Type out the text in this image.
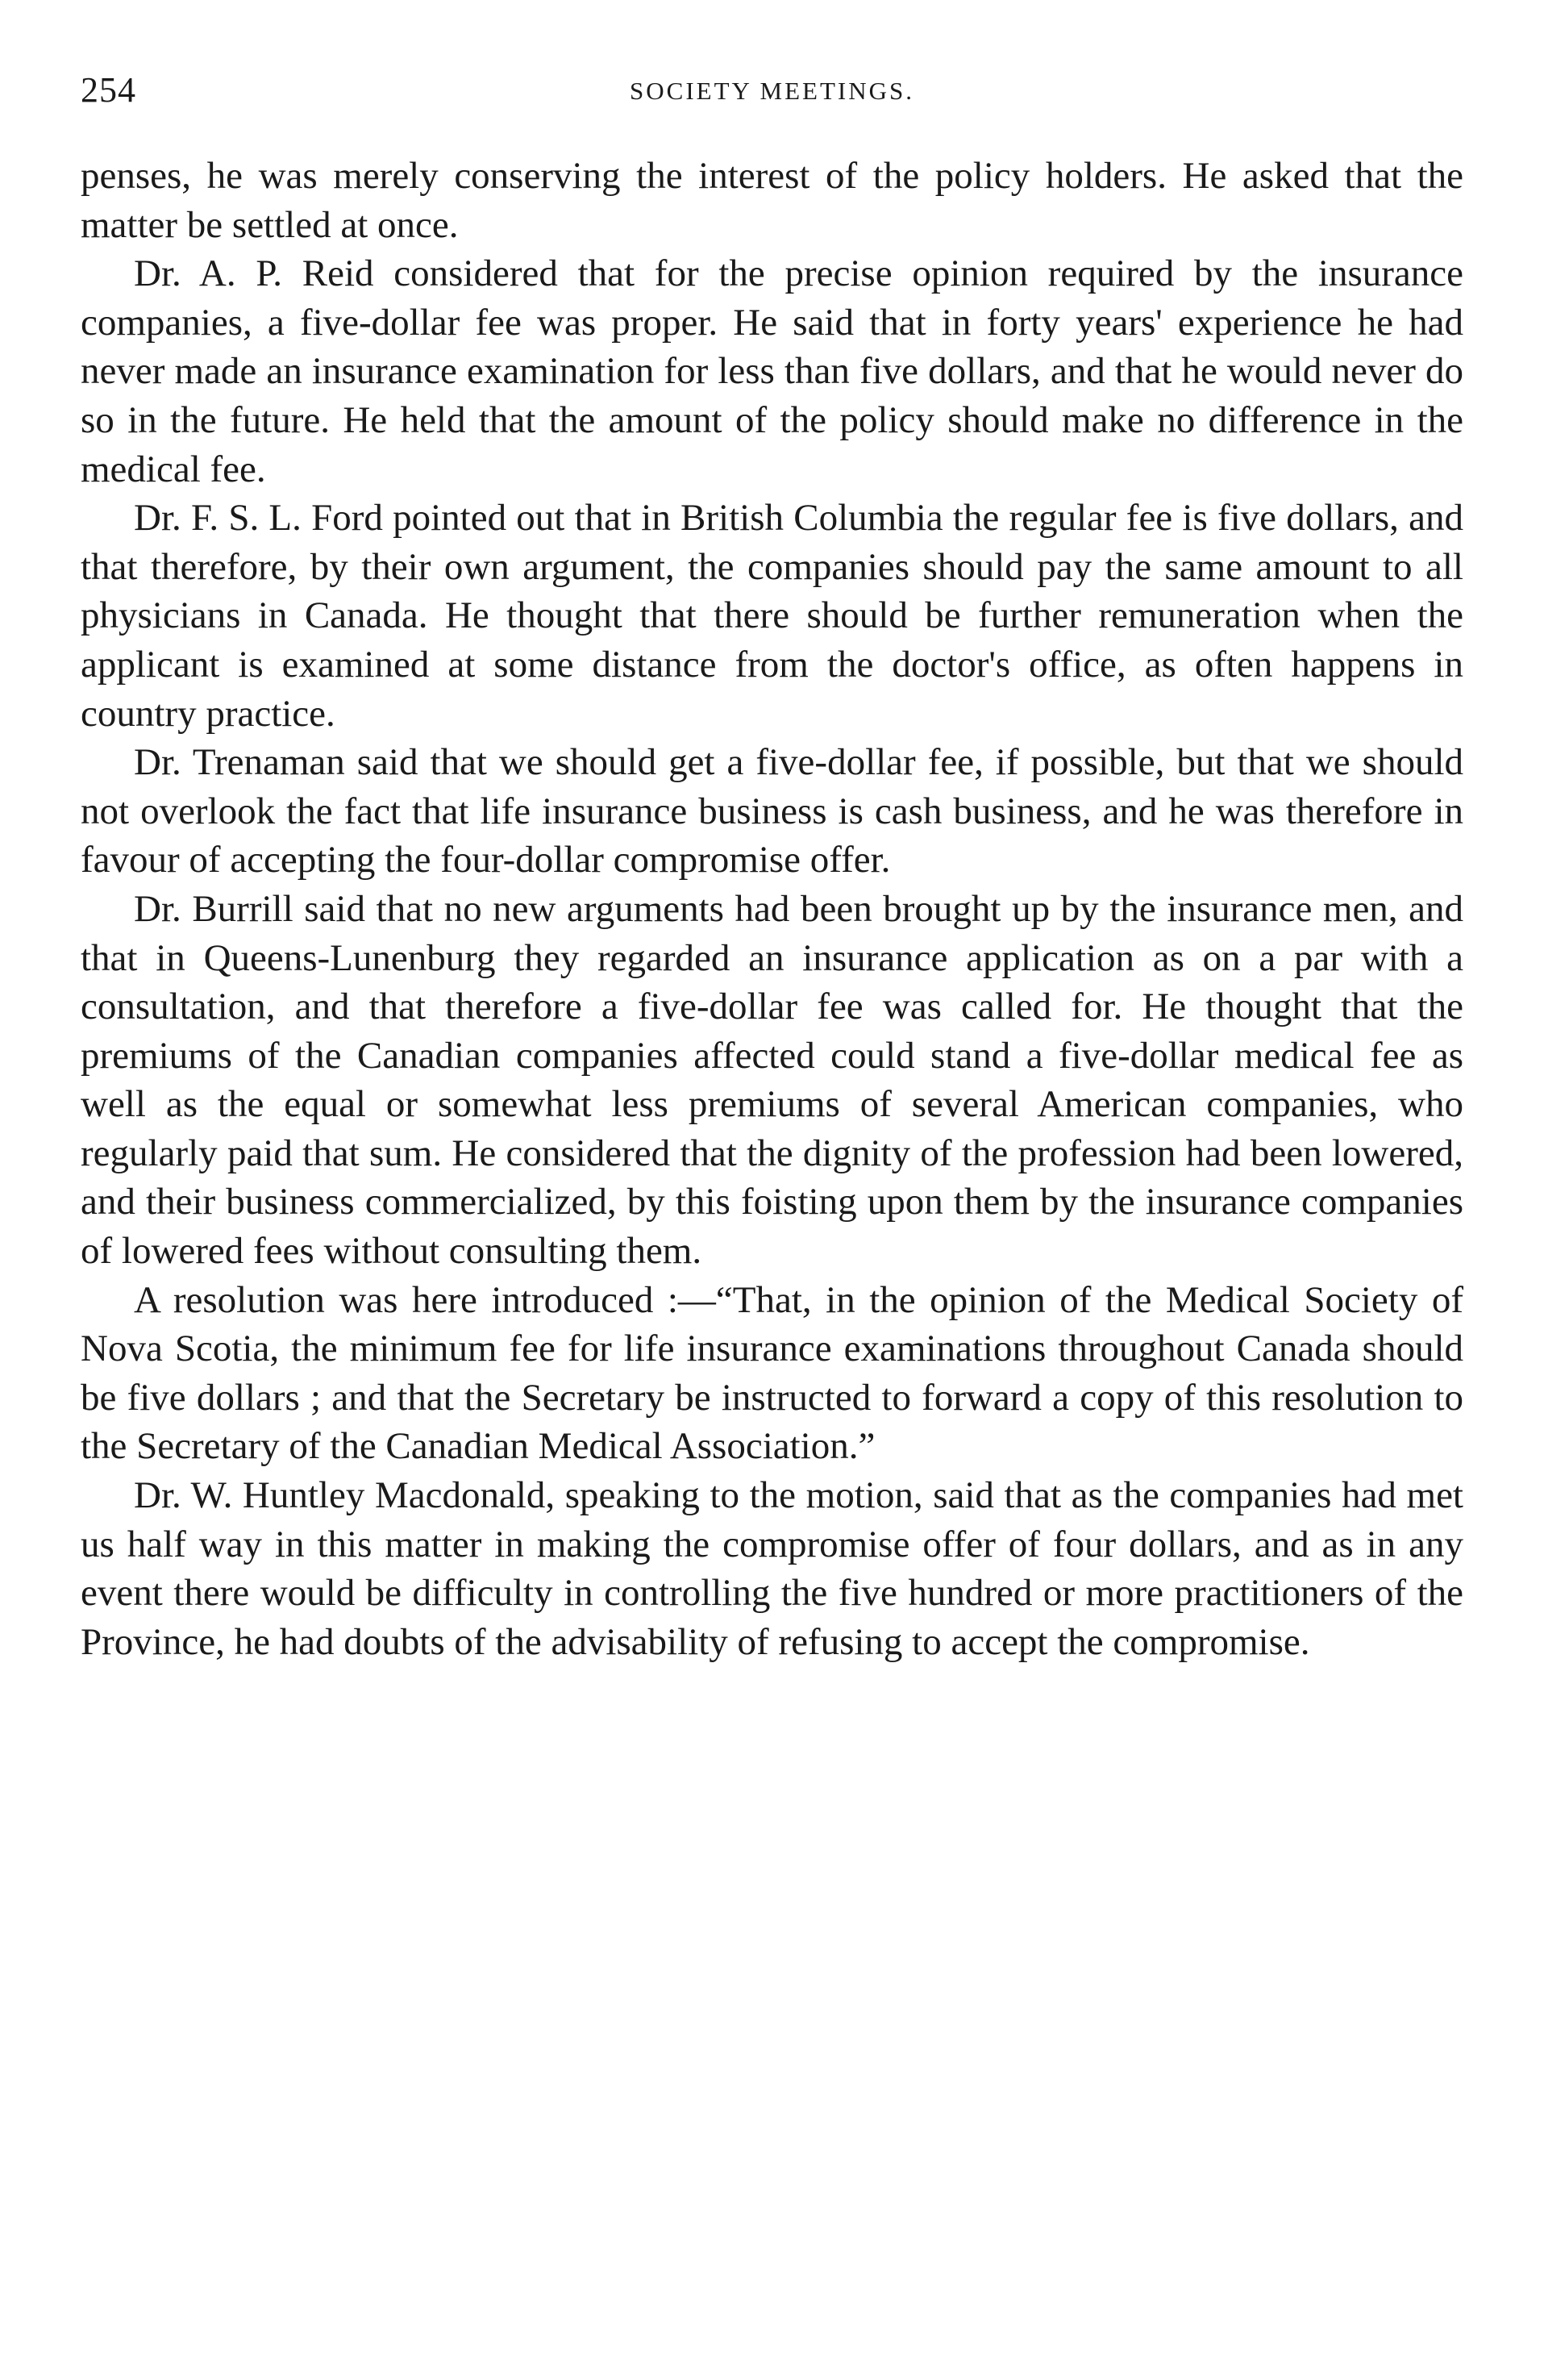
254	SOCIETY MEETINGS.

penses, he was merely conserving the interest of the policy holders. He asked that the matter be settled at once.

Dr. A. P. Reid considered that for the precise opinion required by the insurance companies, a five-dollar fee was proper. He said that in forty years' experience he had never made an insurance examination for less than five dollars, and that he would never do so in the future. He held that the amount of the policy should make no difference in the medical fee.

Dr. F. S. L. Ford pointed out that in British Columbia the regular fee is five dollars, and that therefore, by their own argument, the companies should pay the same amount to all physicians in Canada. He thought that there should be further remuneration when the applicant is examined at some distance from the doctor's office, as often happens in country practice.

Dr. Trenaman said that we should get a five-dollar fee, if possible, but that we should not overlook the fact that life insurance business is cash business, and he was therefore in favour of accepting the four-dollar compromise offer.

Dr. Burrill said that no new arguments had been brought up by the insurance men, and that in Queens-Lunenburg they regarded an insurance application as on a par with a consultation, and that therefore a five-dollar fee was called for. He thought that the premiums of the Canadian companies affected could stand a five-dollar medical fee as well as the equal or somewhat less premiums of several American companies, who regularly paid that sum. He considered that the dignity of the profession had been lowered, and their business commercialized, by this foisting upon them by the insurance companies of lowered fees without consulting them.

A resolution was here introduced :—“That, in the opinion of the Medical Society of Nova Scotia, the minimum fee for life insurance examinations throughout Canada should be five dollars ; and that the Secretary be instructed to forward a copy of this resolution to the Secretary of the Canadian Medical Association.”

Dr. W. Huntley Macdonald, speaking to the motion, said that as the companies had met us half way in this matter in making the compromise offer of four dollars, and as in any event there would be difficulty in controlling the five hundred or more practitioners of the Province, he had doubts of the advisability of refusing to accept the compromise.
